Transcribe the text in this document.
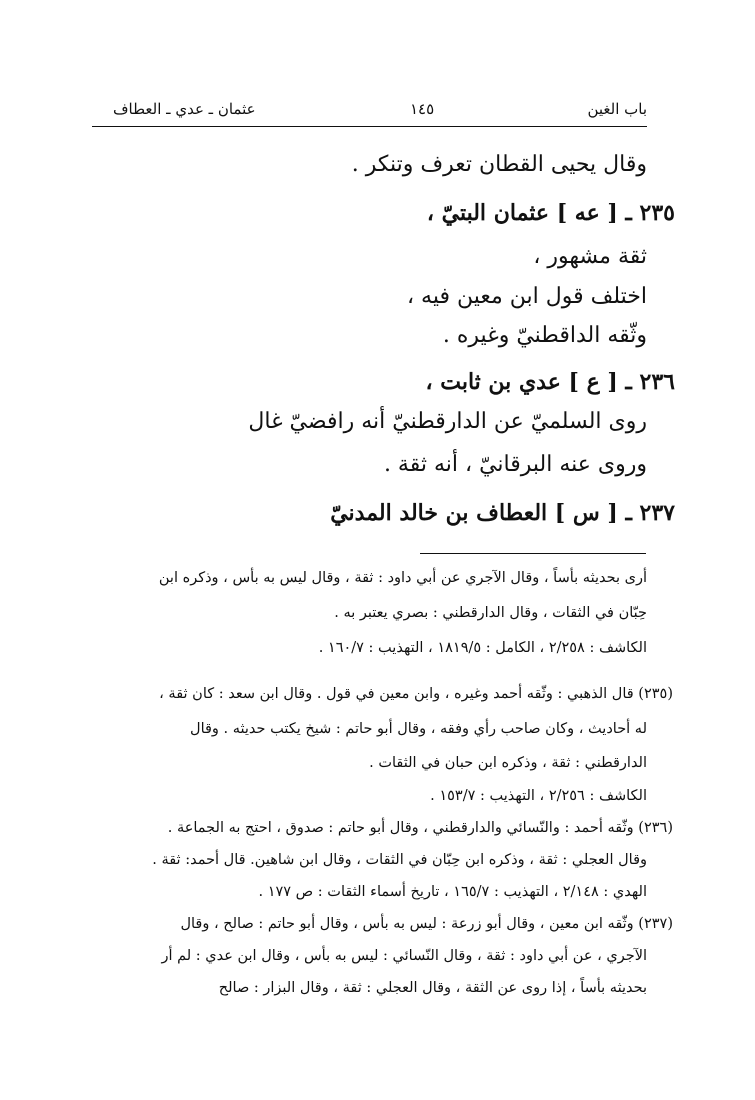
باب الغين
١٤٥
عثمان ـ عدي ـ العطاف
وقال يحيى القطان تعرف وتنكر .
٢٣٥ ـ [ عه ] عثمان البتيّ ،
ثقة مشهور ،
اختلف قول ابن معين فيه ،
وثّقه الداقطنيّ وغيره .
٢٣٦ ـ [ ع ] عدي بن ثابت ،
روى السلميّ عن الدارقطنيّ أنه رافضيّ غال
وروى عنه البرقانيّ ، أنه ثقة .
٢٣٧ ـ [ س ] العطاف بن خالد المدنيّ
أرى بحديثه بأساً ، وقال الآجري عن أبي داود : ثقة ، وقال ليس به بأس ، وذكره ابن
حِبّان في الثقات ، وقال الدارقطني : بصري يعتبر به .
الكاشف : ٢/٢٥٨ ، الكامل : ١٨١٩/٥ ، التهذيب : ١٦٠/٧ .
(٢٣٥) قال الذهبي : وثّقه أحمد وغيره ، وابن معين في قول . وقال ابن سعد : كان ثقة ،
له أحاديث ، وكان صاحب رأي وفقه ، وقال أبو حاتم : شيخ يكتب حديثه . وقال
الدارقطني : ثقة ، وذكره ابن حبان في الثقات .
الكاشف : ٢/٢٥٦ ، التهذيب : ١٥٣/٧ .
(٢٣٦) وثّقه أحمد : والنّسائي والدارقطني ، وقال أبو حاتم : صدوق ، احتج به الجماعة .
وقال العجلي : ثقة ، وذكره ابن حِبّان في الثقات ، وقال ابن شاهين. قال أحمد: ثقة .
الهدي : ٢/١٤٨ ، التهذيب : ١٦٥/٧ ، تاريخ أسماء الثقات : ص ١٧٧ .
(٢٣٧) وثّقه ابن معين ، وقال أبو زرعة : ليس به بأس ، وقال أبو حاتم : صالح ، وقال
الآجري ، عن أبي داود : ثقة ، وقال النّسائي : ليس به بأس ، وقال ابن عدي : لم أر
بحديثه بأساً ، إذا روى عن الثقة ، وقال العجلي : ثقة ، وقال البزار : صالح
